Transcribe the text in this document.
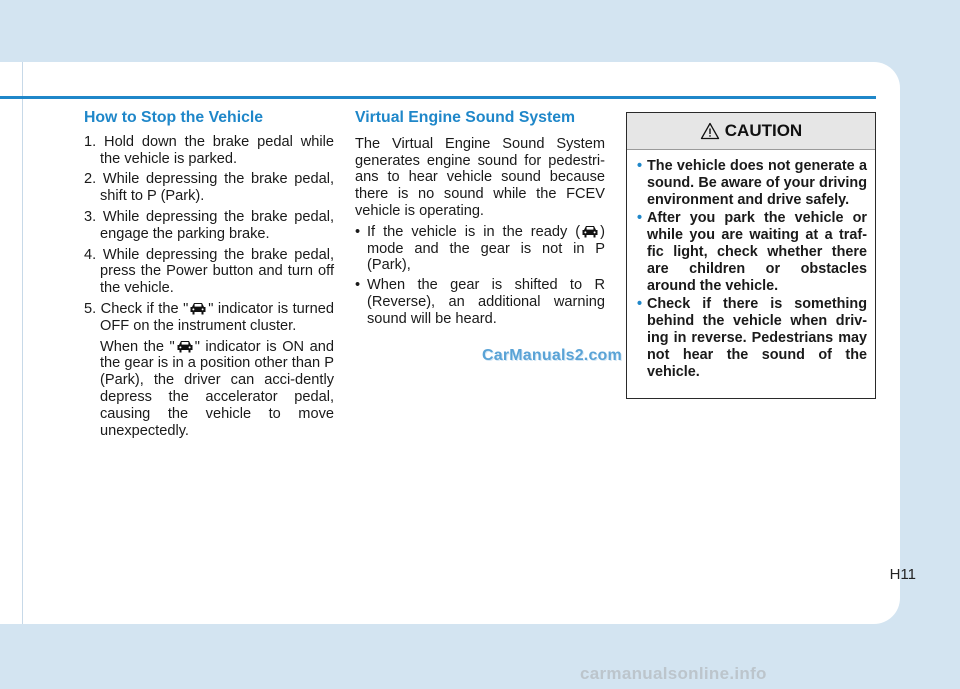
How to Stop the Vehicle
1. Hold down the brake pedal while the vehicle is parked.
2. While depressing the brake pedal, shift to P (Park).
3. While depressing the brake pedal, engage the parking brake.
4. While depressing the brake pedal, press the Power button and turn off the vehicle.
5. Check if the " " indicator is turned OFF on the instrument cluster.
When the " " indicator is ON and the gear is in a position other than P (Park), the driver can acci-dently depress the accelerator pedal, causing the vehicle to move unexpectedly.
Virtual Engine Sound System

The Virtual Engine Sound System generates engine sound for pedestri-ans to hear vehicle sound because there is no sound while the FCEV vehicle is operating.

• If the vehicle is in the ready ( ) mode and the gear is not in P (Park),
• When the gear is shifted to R (Reverse), an additional warning sound will be heard.
CAUTION
• The vehicle does not generate a sound. Be aware of your driving environment and drive safely.
• After you park the vehicle or while you are waiting at a traf-fic light, check whether there are children or obstacles around the vehicle.
• Check if there is something behind the vehicle when driv-ing in reverse. Pedestrians may not hear the sound of the vehicle.
CarManuals2.com
H11
carmanualsonline.info
